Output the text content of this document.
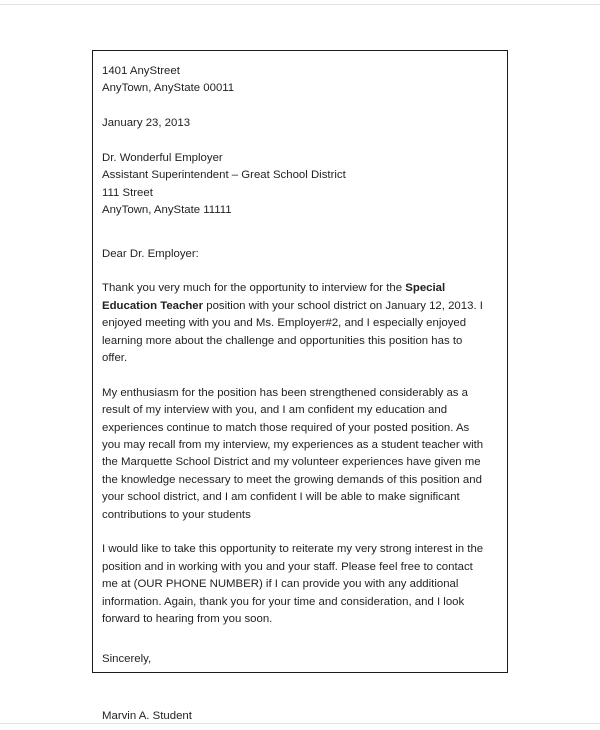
1401 AnyStreet
AnyTown, AnyState 00011
January 23, 2013
Dr. Wonderful Employer
Assistant Superintendent – Great School District
111 Street
AnyTown, AnyState 11111
Dear Dr. Employer:

Thank you very much for the opportunity to interview for the Special Education Teacher position with your school district on January 12, 2013. I enjoyed meeting with you and Ms. Employer#2, and I especially enjoyed learning more about the challenge and opportunities this position has to offer.

My enthusiasm for the position has been strengthened considerably as a result of my interview with you, and I am confident my education and experiences continue to match those required of your posted position. As you may recall from my interview, my experiences as a student teacher with the Marquette School District and my volunteer experiences have given me the knowledge necessary to meet the growing demands of this position and your school district, and I am confident I will be able to make significant contributions to your students

I would like to take this opportunity to reiterate my very strong interest in the position and in working with you and your staff. Please feel free to contact me at (OUR PHONE NUMBER) if I can provide you with any additional information. Again, thank you for your time and consideration, and I look forward to hearing from you soon.

Sincerely,
Marvin A. Student
